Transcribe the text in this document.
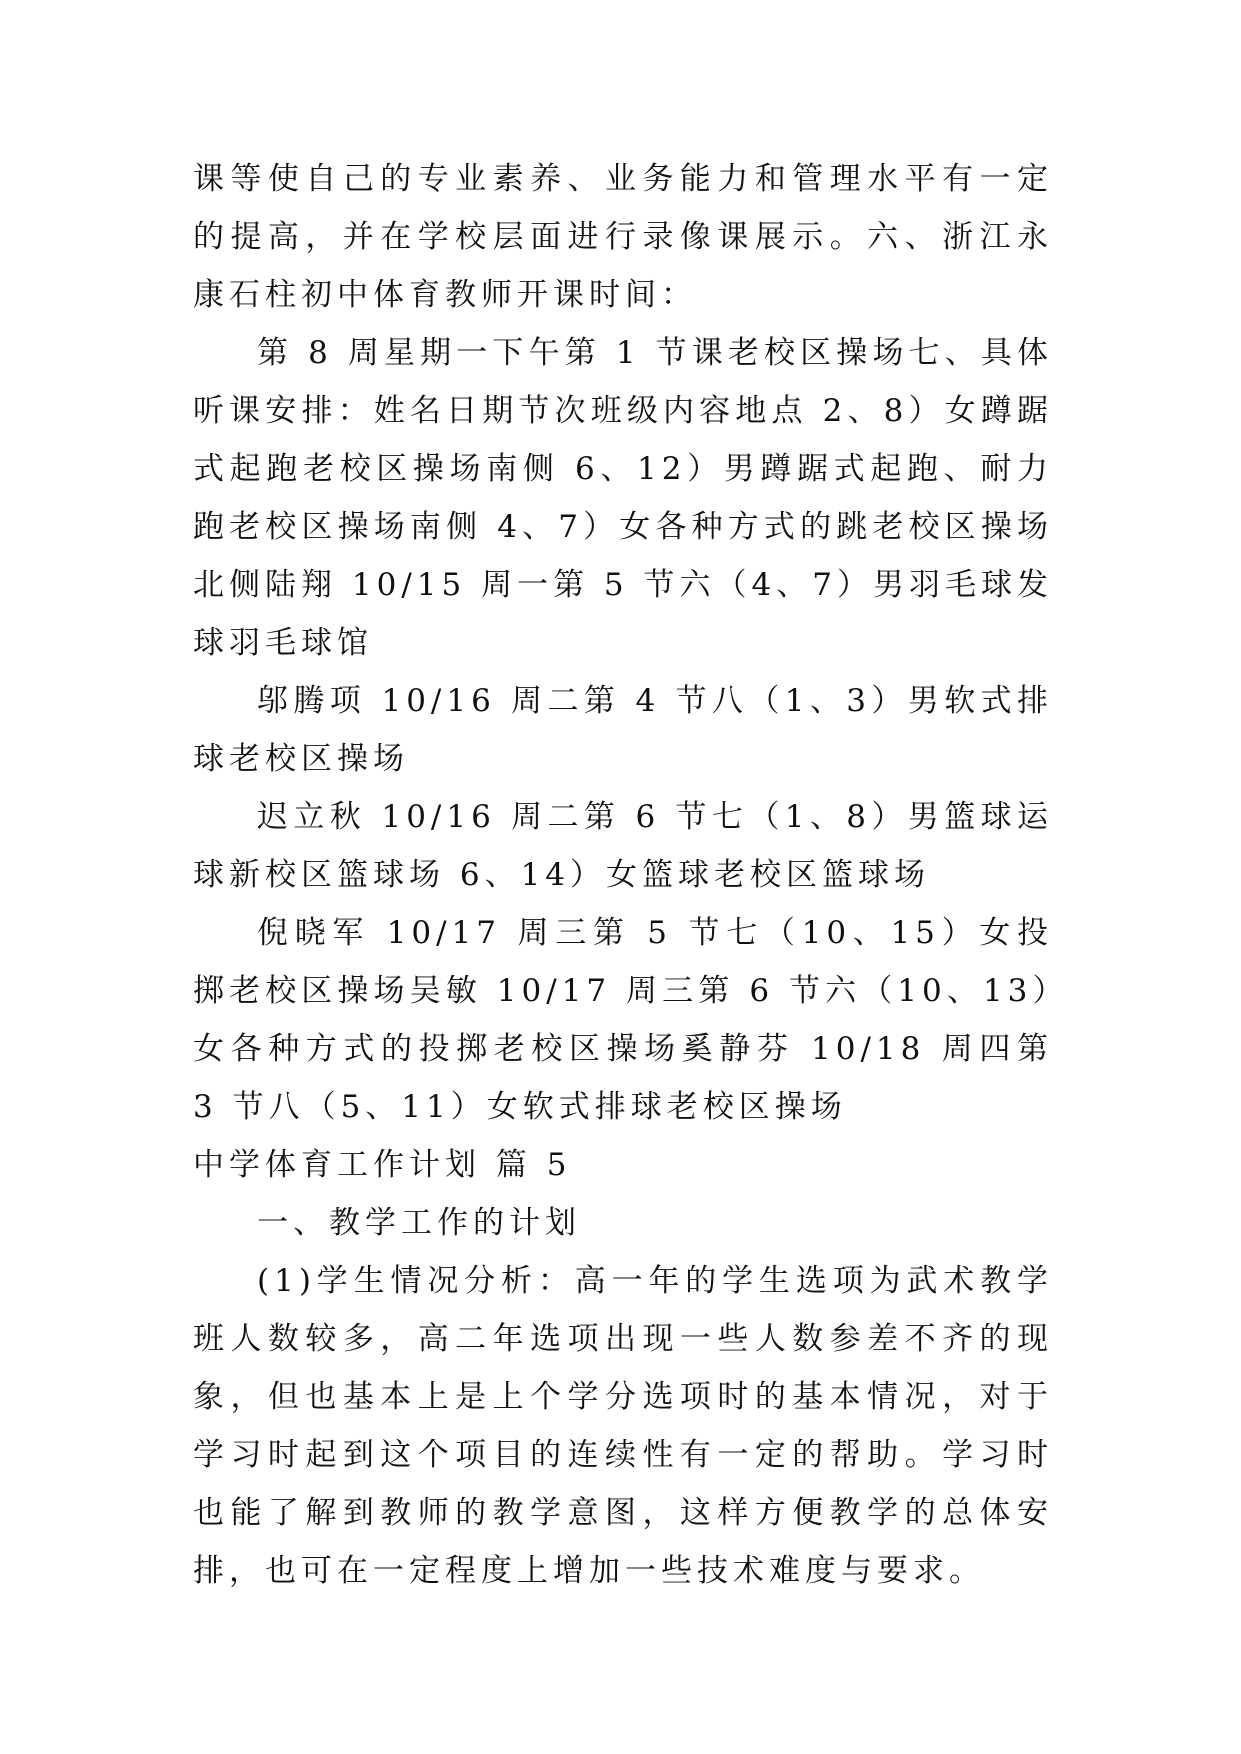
课等使自己的专业素养、业务能力和管理水平有一定的提高，并在学校层面进行录像课展示。六、浙江永康石柱初中体育教师开课时间：

第 8 周星期一下午第 1 节课老校区操场七、具体听课安排：姓名日期节次班级内容地点 2、8）女蹲踞式起跑老校区操场南侧 6、12）男蹲踞式起跑、耐力跑老校区操场南侧 4、7）女各种方式的跳老校区操场北侧陆翔 10/15 周一第 5 节六（4、7）男羽毛球发球羽毛球馆

邬腾项 10/16 周二第 4 节八（1、3）男软式排球老校区操场

迟立秋 10/16 周二第 6 节七（1、8）男篮球运球新校区篮球场 6、14）女篮球老校区篮球场

倪晓军 10/17 周三第 5 节七（10、15）女投掷老校区操场吴敏 10/17 周三第 6 节六（10、13）女各种方式的投掷老校区操场奚静芬 10/18 周四第 3 节八（5、11）女软式排球老校区操场

中学体育工作计划 篇 5

一、教学工作的计划

(1)学生情况分析：高一年的学生选项为武术教学班人数较多，高二年选项出现一些人数参差不齐的现象，但也基本上是上个学分选项时的基本情况，对于学习时起到这个项目的连续性有一定的帮助。学习时也能了解到教师的教学意图，这样方便教学的总体安排，也可在一定程度上增加一些技术难度与要求。
